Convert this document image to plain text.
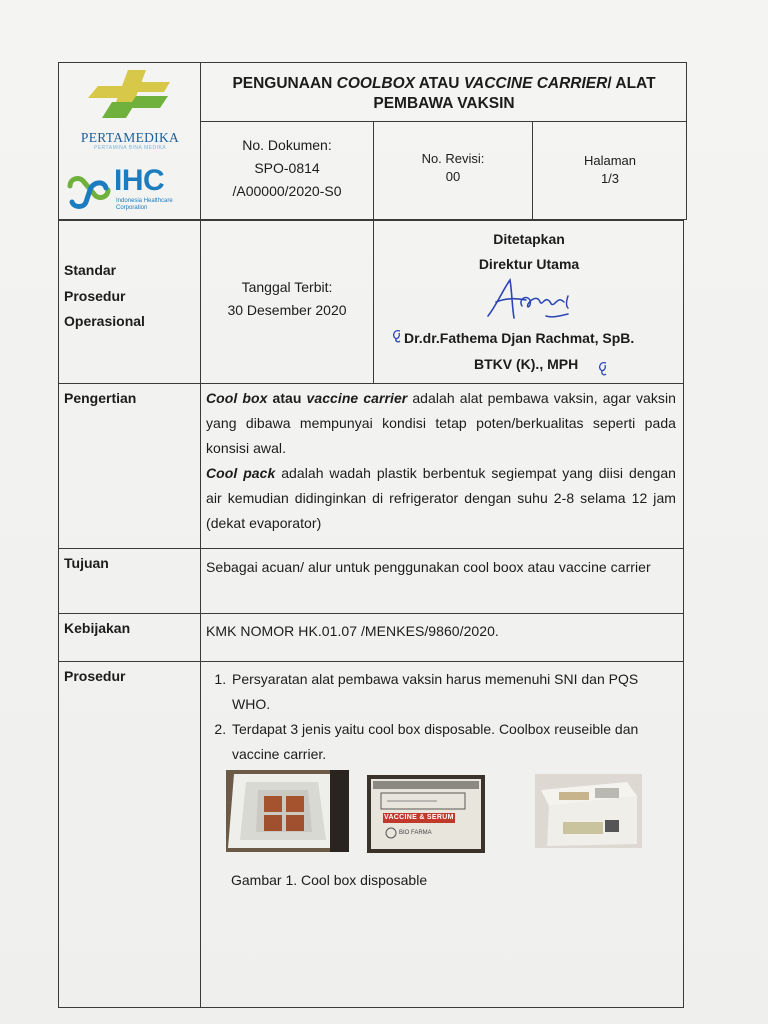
PERTAMEDIKA
PERTAMINA BINA MEDIKA
IHC
Indonesia Healthcare
Corporation
PENGUNAAN COOLBOX ATAU VACCINE CARRIER/ ALAT
PEMBAWA VAKSIN
No. Dokumen:
SPO-0814
/A00000/2020-S0
No. Revisi:
00
Halaman
1/3
Standar
Prosedur
Operasional
Tanggal Terbit:
30 Desember 2020
Ditetapkan
Direktur Utama
Dr.dr.Fathema Djan Rachmat, SpB.
BTKV (K)., MPH
Pengertian	Cool box atau vaccine carrier adalah alat pembawa vaksin, agar vaksin yang dibawa mempunyai kondisi tetap poten/berkualitas seperti pada konsisi awal.
Cool pack adalah wadah plastik berbentuk segiempat yang diisi dengan air kemudian didinginkan di refrigerator dengan suhu 2-8 selama 12 jam (dekat evaporator)
Tujuan	Sebagai acuan/ alur untuk penggunakan cool boox atau vaccine carrier
Kebijakan	KMK NOMOR HK.01.07 /MENKES/9860/2020.
Prosedur
1.	Persyaratan alat pembawa vaksin harus memenuhi SNI dan PQS WHO.
2. Terdapat 3 jenis yaitu cool box disposable. Coolbox reuseible dan vaccine carrier.
VACCINE & SERUM
BIO FARMA
Gambar 1. Cool box disposable
